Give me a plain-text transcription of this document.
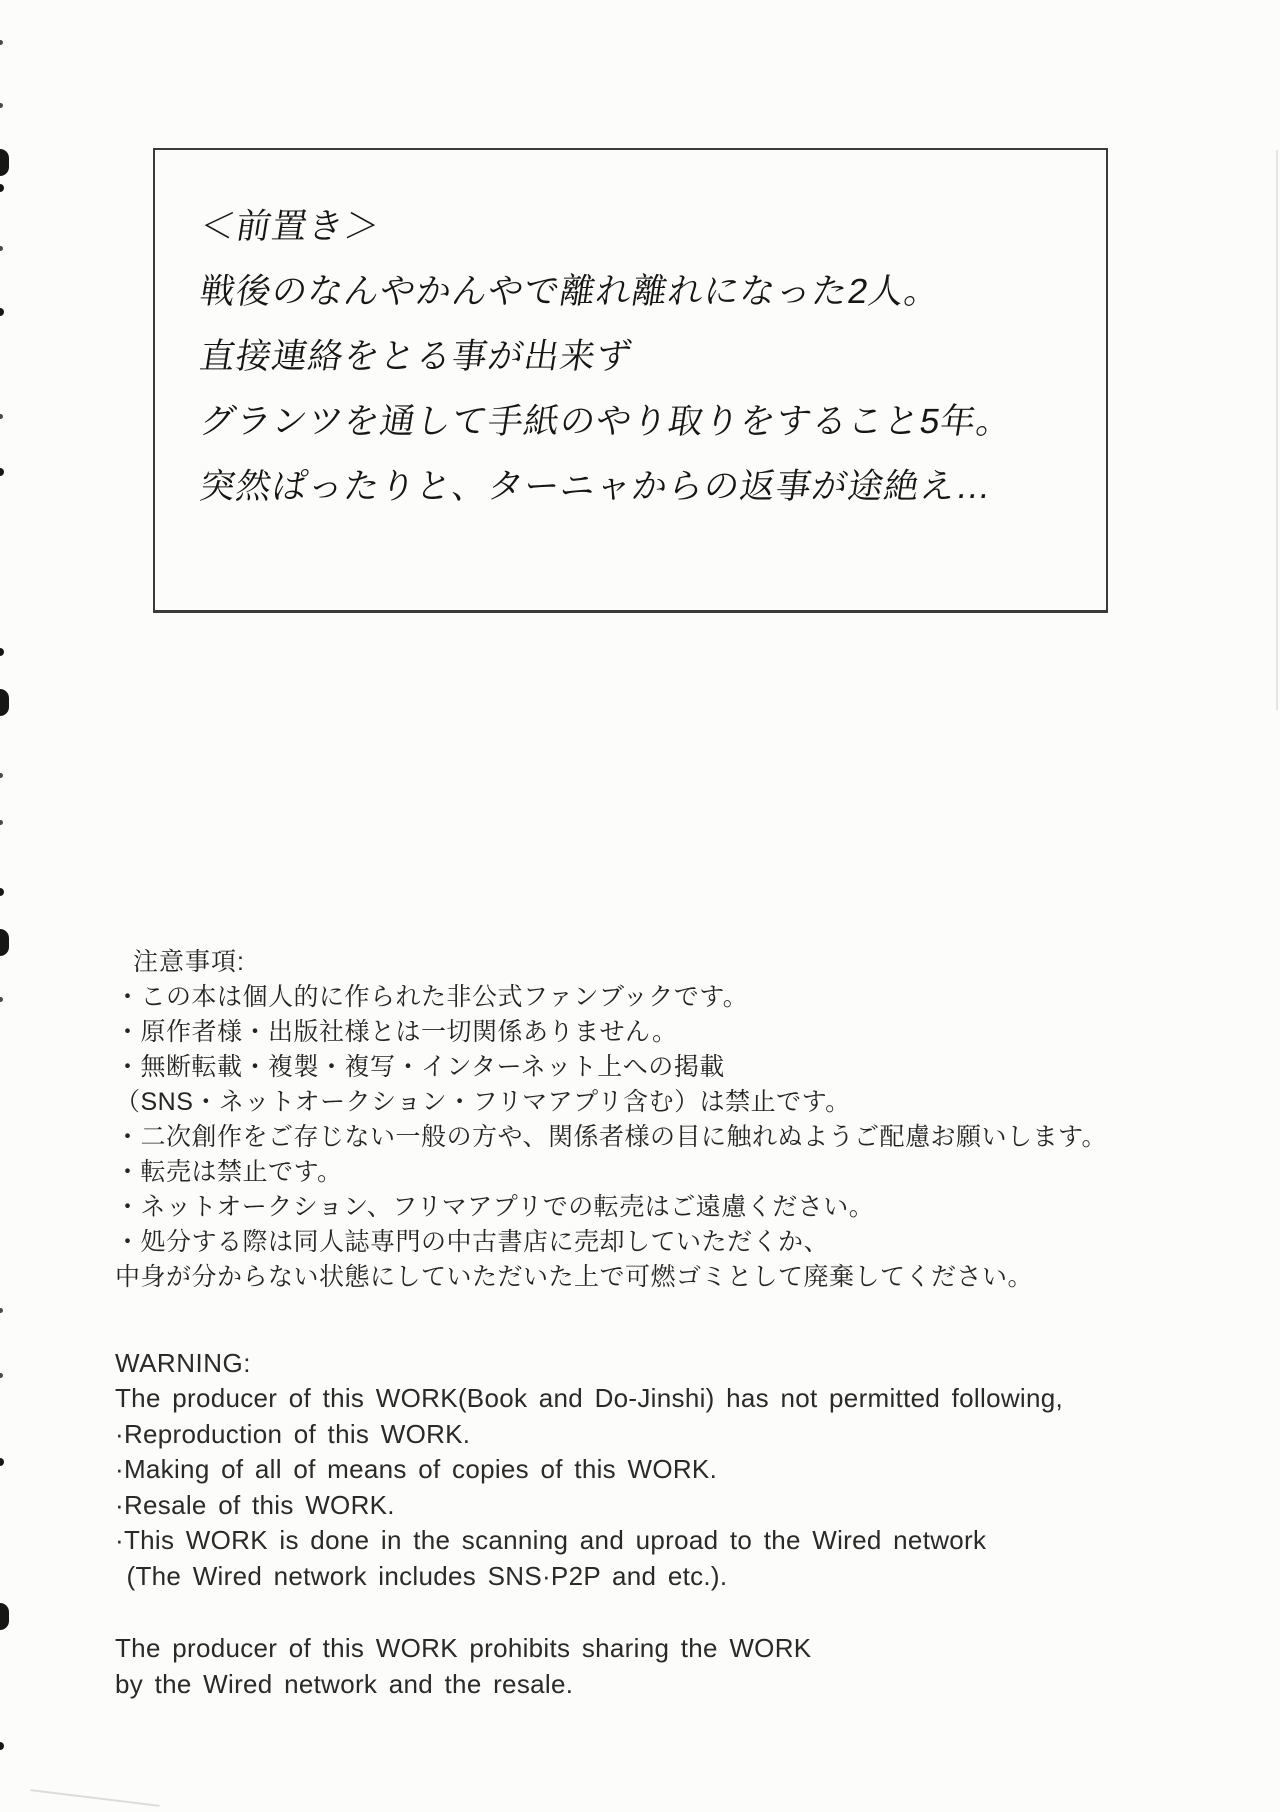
＜前置き＞
戦後のなんやかんやで離れ離れになった2人。
直接連絡をとる事が出来ず
グランツを通して手紙のやり取りをすること5年。
突然ぱったりと、ターニャからの返事が途絶え…
注意事項:
・この本は個人的に作られた非公式ファンブックです。
・原作者様・出版社様とは一切関係ありません。
・無断転載・複製・複写・インターネット上への掲載
（SNS・ネットオークション・フリマアプリ含む）は禁止です。
・二次創作をご存じない一般の方や、関係者様の目に触れぬようご配慮お願いします。
・転売は禁止です。
・ネットオークション、フリマアプリでの転売はご遠慮ください。
・処分する際は同人誌専門の中古書店に売却していただくか、
中身が分からない状態にしていただいた上で可燃ゴミとして廃棄してください。
WARNING:
The producer of this WORK(Book and Do-Jinshi) has not permitted following,
·Reproduction of this WORK.
·Making of all of means of copies of this WORK.
·Resale of this WORK.
·This WORK is done in the scanning and uproad to the Wired network
(The Wired network includes SNS·P2P and etc.).
The producer of this WORK prohibits sharing the WORK
by the Wired network and the resale.
